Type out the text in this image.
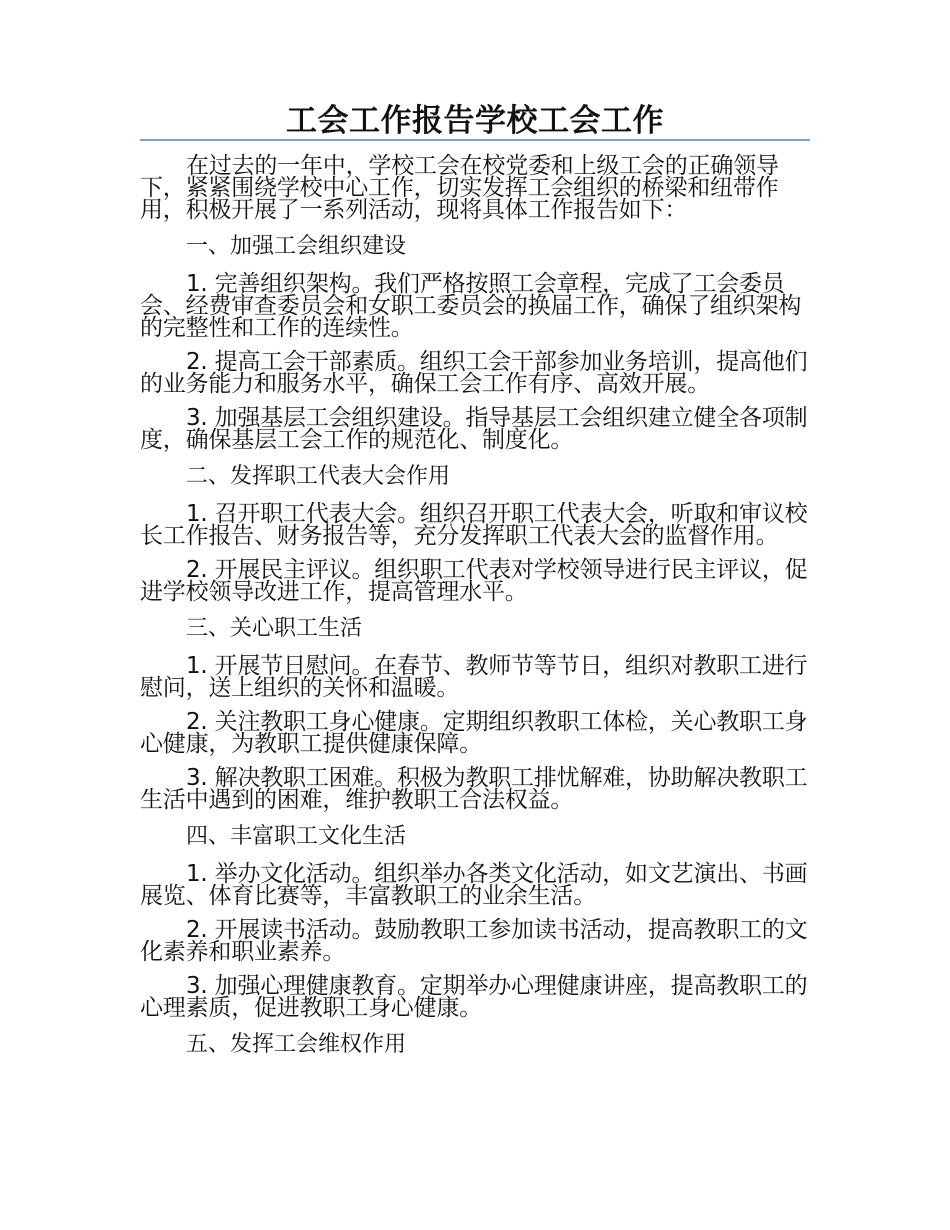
工会工作报告学校工会工作

在过去的一年中，学校工会在校党委和上级工会的正确领导下，紧紧围绕学校中心工作，切实发挥工会组织的桥梁和纽带作用，积极开展了一系列活动，现将具体工作报告如下：

一、加强工会组织建设

1. 完善组织架构。我们严格按照工会章程，完成了工会委员会、经费审查委员会和女职工委员会的换届工作，确保了组织架构的完整性和工作的连续性。

2. 提高工会干部素质。组织工会干部参加业务培训，提高他们的业务能力和服务水平，确保工会工作有序、高效开展。

3. 加强基层工会组织建设。指导基层工会组织建立健全各项制度，确保基层工会工作的规范化、制度化。

二、发挥职工代表大会作用

1. 召开职工代表大会。组织召开职工代表大会，听取和审议校长工作报告、财务报告等，充分发挥职工代表大会的监督作用。

2. 开展民主评议。组织职工代表对学校领导进行民主评议，促进学校领导改进工作，提高管理水平。

三、关心职工生活

1. 开展节日慰问。在春节、教师节等节日，组织对教职工进行慰问，送上组织的关怀和温暖。

2. 关注教职工身心健康。定期组织教职工体检，关心教职工身心健康，为教职工提供健康保障。

3. 解决教职工困难。积极为教职工排忧解难，协助解决教职工生活中遇到的困难，维护教职工合法权益。

四、丰富职工文化生活

1. 举办文化活动。组织举办各类文化活动，如文艺演出、书画展览、体育比赛等，丰富教职工的业余生活。

2. 开展读书活动。鼓励教职工参加读书活动，提高教职工的文化素养和职业素养。

3. 加强心理健康教育。定期举办心理健康讲座，提高教职工的心理素质，促进教职工身心健康。

五、发挥工会维权作用
